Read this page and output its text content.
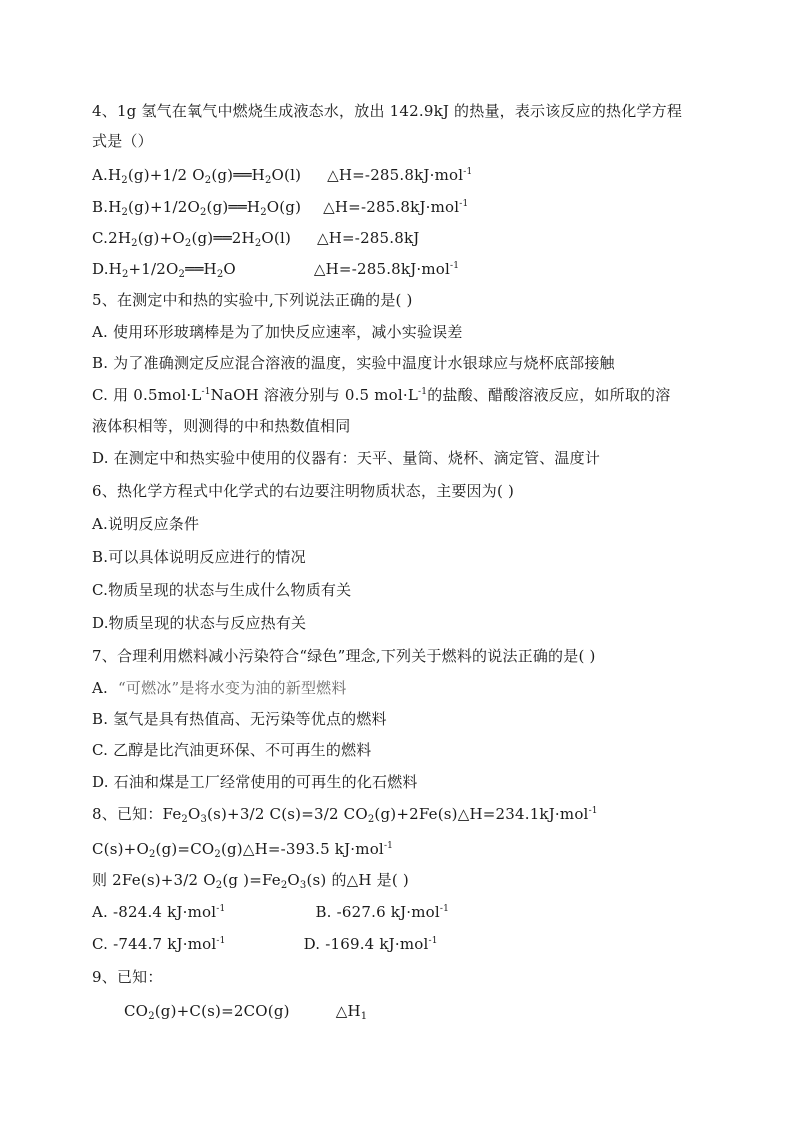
4、1g 氢气在氧气中燃烧生成液态水，放出 142.9kJ 的热量，表示该反应的热化学方程
式是（）
$A.H_2(g)+1/2$ $O_2(g)══H_2O(l)$ △H=-285.8kJ·mol$^{-1}$
$B.H_2(g)+1/2O_2(g)══H_2O(g)$ △H=-285.8kJ·mol$^{-1}$
$C.2H_2(g)+O_2(g)══2H_2O(l)$ △H=-285.8kJ
$D.H_2+1/2O_2══H_2O$	△H=-285.8kJ·mol$^{-1}$
5、在测定中和热的实验中,下列说法正确的是( )
A. 使用环形玻璃棒是为了加快反应速率，减小实验误差
B. 为了准确测定反应混合溶液的温度，实验中温度计水银球应与烧杯底部接触
C. 用 $0.5mol\cdot L^{-1}NaOH$ 溶液分别与 0.5 $mol\cdot L^{-1}$的盐酸、醋酸溶液反应，如所取的溶
液体积相等，则测得的中和热数值相同
D. 在测定中和热实验中使用的仪器有：天平、量筒、烧杯、滴定管、温度计
6、热化学方程式中化学式的右边要注明物质状态，主要因为( )
A.说明反应条件
B.可以具体说明反应进行的情况
C.物质呈现的状态与生成什么物质有关
D.物质呈现的状态与反应热有关
7、合理利用燃料减小污染符合“绿色”理念,下列关于燃料的说法正确的是( )
A. “可燃冰”是将水变为油的新型燃料
B. 氢气是具有热值高、无污染等优点的燃料
C. 乙醇是比汽油更环保、不可再生的燃料
D. 石油和煤是工厂经常使用的可再生的化石燃料
8、已知：$Fe_2O_3(s)+3/2$ C(s)=3/2 $CO_2(g)+2Fe(s)\triangle H=234.1kJ\cdot mol^{-1}$
$C(s)+O_2(g)=CO_2(g)\triangle H=-393.5$ kJ·mol$^{-1}$
则 2Fe(s)+3/2 $O_2(g$ )$=Fe_2O_3(s)$ 的△H 是( )
A. -824.4 kJ·mol$^{-1}$	B. -627.6 kJ·mol$^{-1}$
C. -744.7 kJ·mol$^{-1}$	D. -169.4 kJ·mol$^{-1}$
9、已知：
$CO_2(g)+C(s)=2CO(g)$	$\triangle H_1$
